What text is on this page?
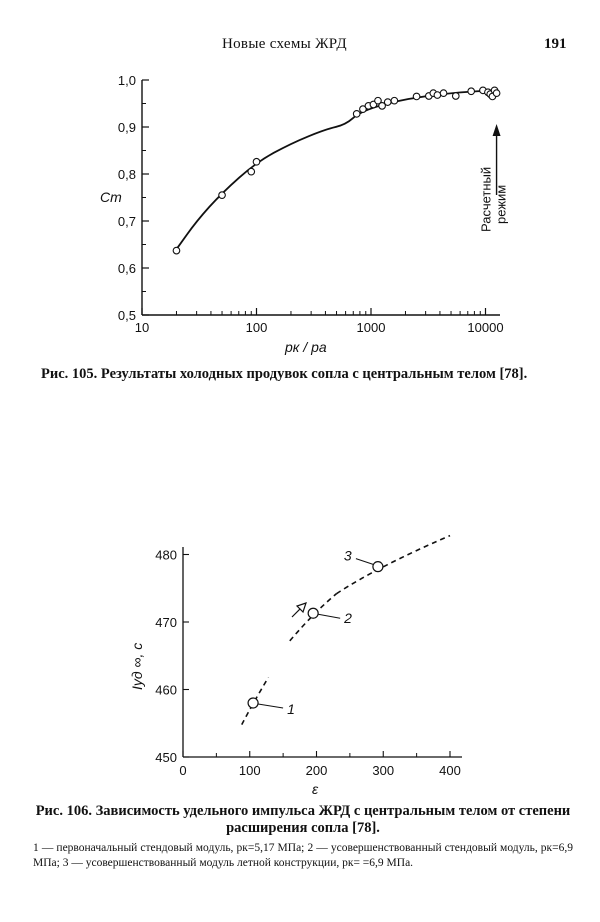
Новые схемы ЖРД	191
0,5
0,6
0,7
0,8
0,9
1,0
10	100	1000	10000
Cт
pк / pа
Расчетныйрежим
450
460
470
480
0	100	200	300	400
1
2
3
Iуд ∞, с
ε
Рис. 105. Результаты холодных продувок сопла с центральным телом [78].
Рис. 106. Зависимость удельного импульса ЖРД с центральным телом от степени расширения сопла [78].
1 — первоначальный стендовый модуль, pк=5,17 МПа; 2 — усовершенствованный стендовый модуль, pк=6,9 МПа; 3 — усовершенствованный модуль летной конструкции, pк= =6,9 МПа.
